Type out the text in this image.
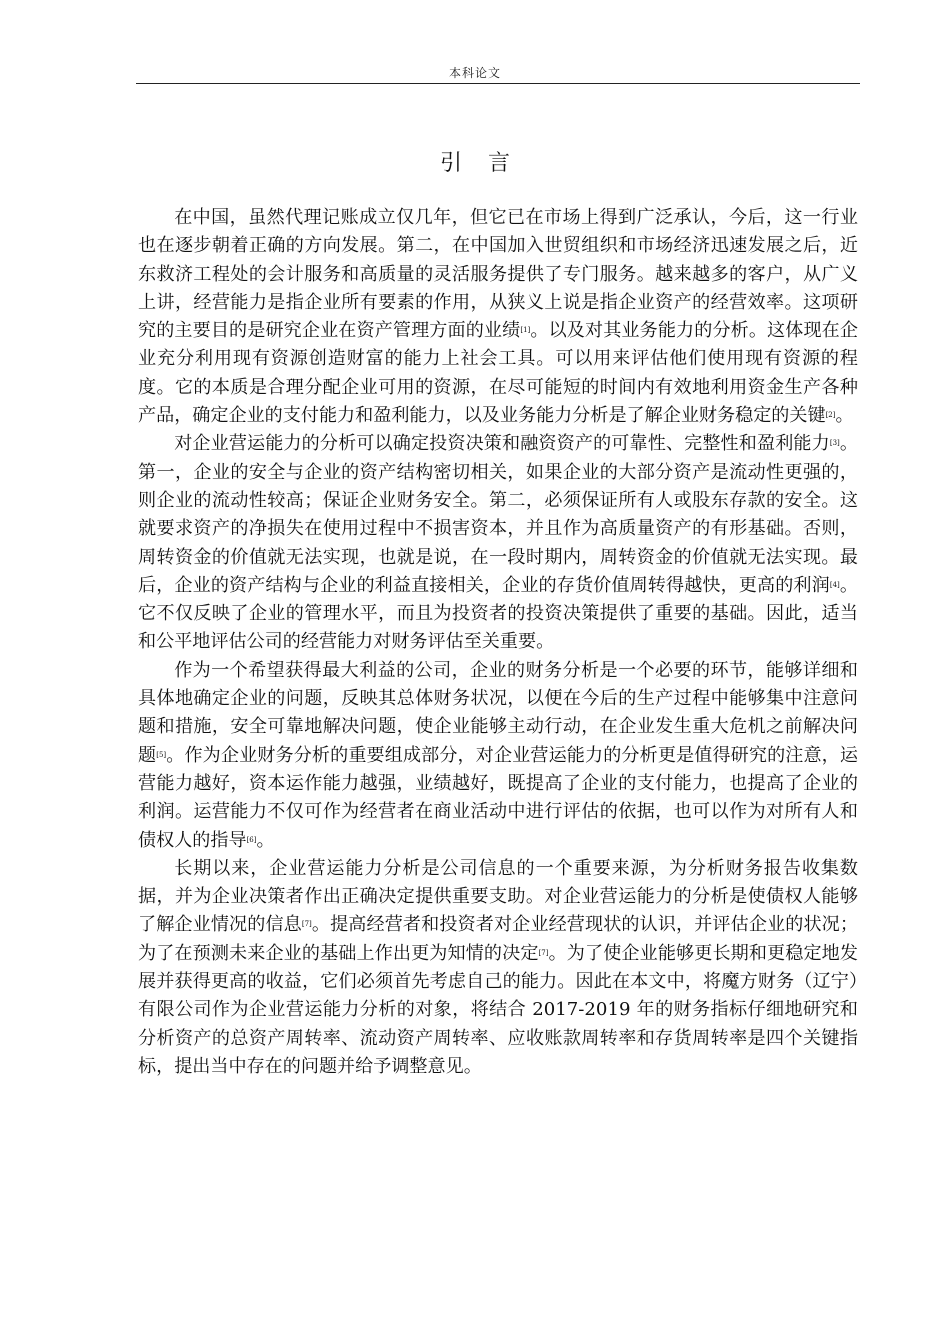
本科论文
引言

在中国，虽然代理记账成立仅几年，但它已在市场上得到广泛承认，今后，这一行业也在逐步朝着正确的方向发展。第二，在中国加入世贸组织和市场经济迅速发展之后，近东救济工程处的会计服务和高质量的灵活服务提供了专门服务。越来越多的客户，从广义上讲，经营能力是指企业所有要素的作用，从狭义上说是指企业资产的经营效率。这项研究的主要目的是研究企业在资产管理方面的业绩[1]。以及对其业务能力的分析。这体现在企业充分利用现有资源创造财富的能力上社会工具。可以用来评估他们使用现有资源的程度。它的本质是合理分配企业可用的资源，在尽可能短的时间内有效地利用资金生产各种产品，确定企业的支付能力和盈利能力，以及业务能力分析是了解企业财务稳定的关键[2]。

对企业营运能力的分析可以确定投资决策和融资资产的可靠性、完整性和盈利能力[3]。第一，企业的安全与企业的资产结构密切相关，如果企业的大部分资产是流动性更强的，则企业的流动性较高；保证企业财务安全。第二，必须保证所有人或股东存款的安全。这就要求资产的净损失在使用过程中不损害资本，并且作为高质量资产的有形基础。否则，周转资金的价值就无法实现，也就是说，在一段时期内，周转资金的价值就无法实现。最后，企业的资产结构与企业的利益直接相关，企业的存货价值周转得越快，更高的利润[4]。它不仅反映了企业的管理水平，而且为投资者的投资决策提供了重要的基础。因此，适当和公平地评估公司的经营能力对财务评估至关重要。

作为一个希望获得最大利益的公司，企业的财务分析是一个必要的环节，能够详细和具体地确定企业的问题，反映其总体财务状况，以便在今后的生产过程中能够集中注意问题和措施，安全可靠地解决问题，使企业能够主动行动，在企业发生重大危机之前解决问题[5]。作为企业财务分析的重要组成部分，对企业营运能力的分析更是值得研究的注意，运营能力越好，资本运作能力越强，业绩越好，既提高了企业的支付能力，也提高了企业的利润。运营能力不仅可作为经营者在商业活动中进行评估的依据，也可以作为对所有人和债权人的指导[6]。

长期以来，企业营运能力分析是公司信息的一个重要来源，为分析财务报告收集数据，并为企业决策者作出正确决定提供重要支助。对企业营运能力的分析是使债权人能够了解企业情况的信息[7]。提高经营者和投资者对企业经营现状的认识，并评估企业的状况；为了在预测未来企业的基础上作出更为知情的决定[7]。为了使企业能够更长期和更稳定地发展并获得更高的收益，它们必须首先考虑自己的能力。因此在本文中，将魔方财务（辽宁）有限公司作为企业营运能力分析的对象，将结合 2017-2019 年的财务指标仔细地研究和分析资产的总资产周转率、流动资产周转率、应收账款周转率和存货周转率是四个关键指标，提出当中存在的问题并给予调整意见。
